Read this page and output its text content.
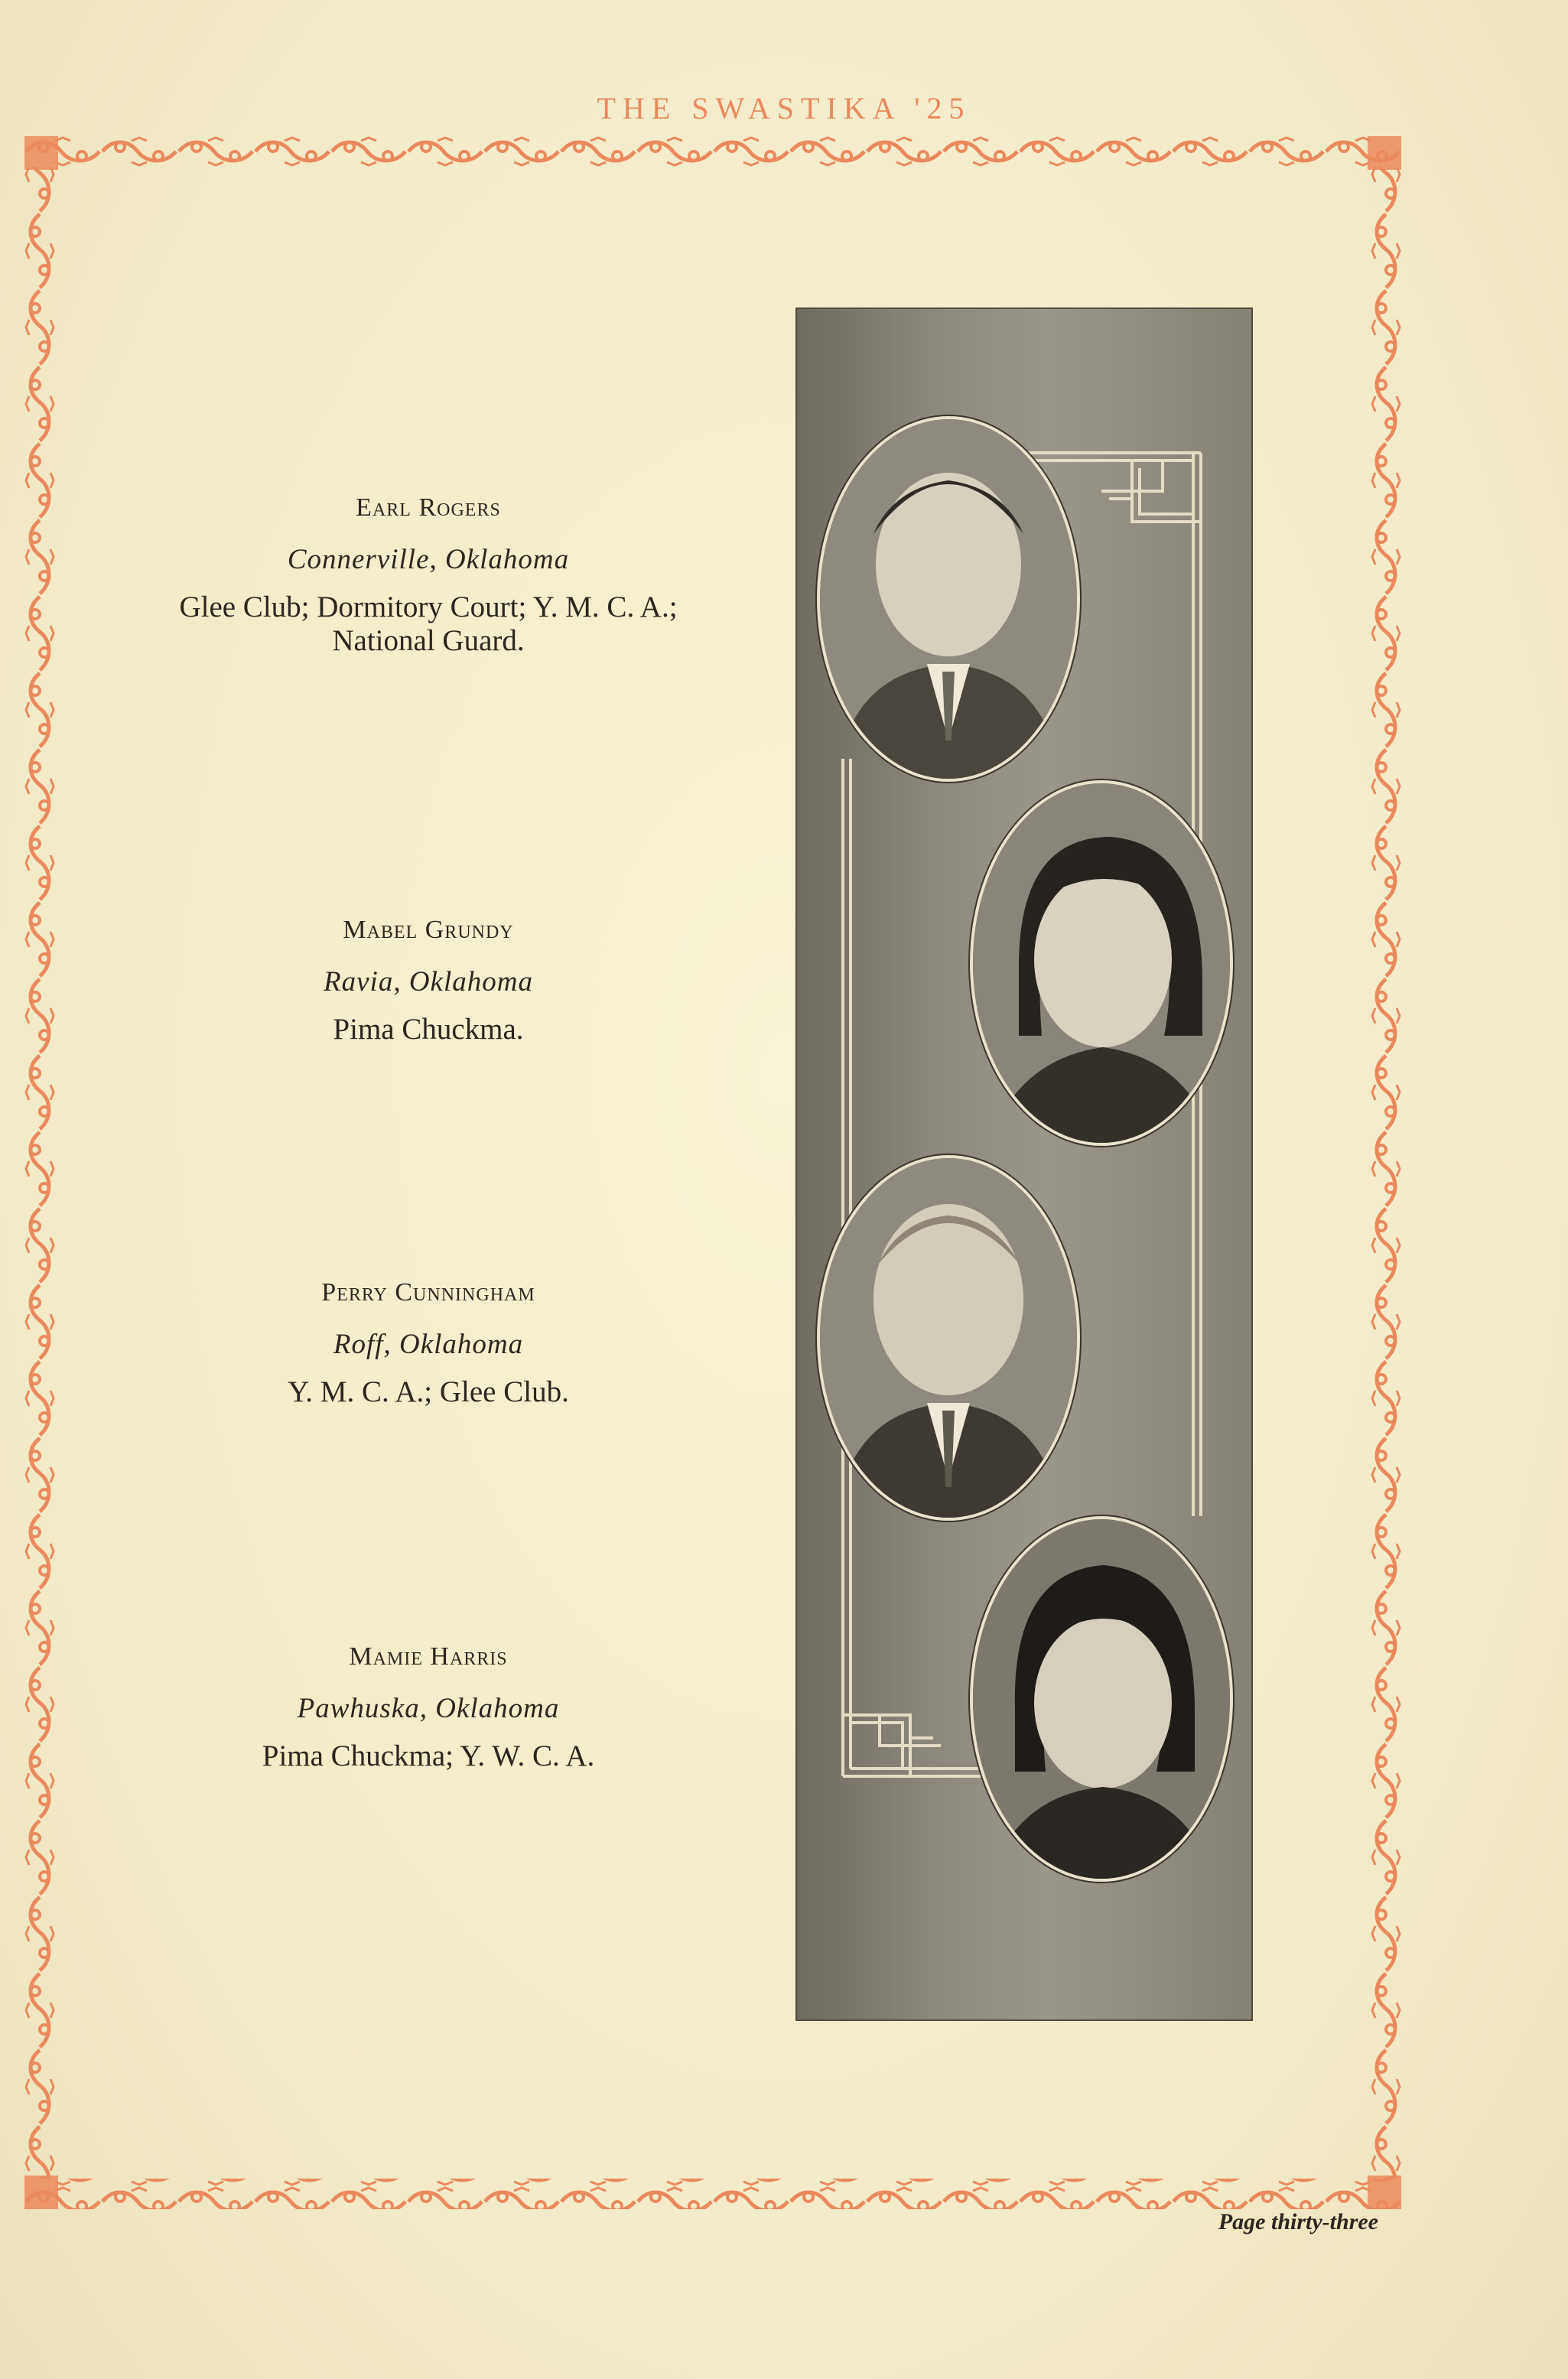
THE SWASTIKA '25

Earl Rogers

Connerville, Oklahoma

Glee Club; Dormitory Court; Y. M. C. A.; National Guard.

Mabel Grundy

Ravia, Oklahoma

Pima Chuckma.

Perry Cunningham

Roff, Oklahoma

Y. M. C. A.; Glee Club.

Mamie Harris

Pawhuska, Oklahoma

Pima Chuckma; Y. W. C. A.

Page thirty-three
